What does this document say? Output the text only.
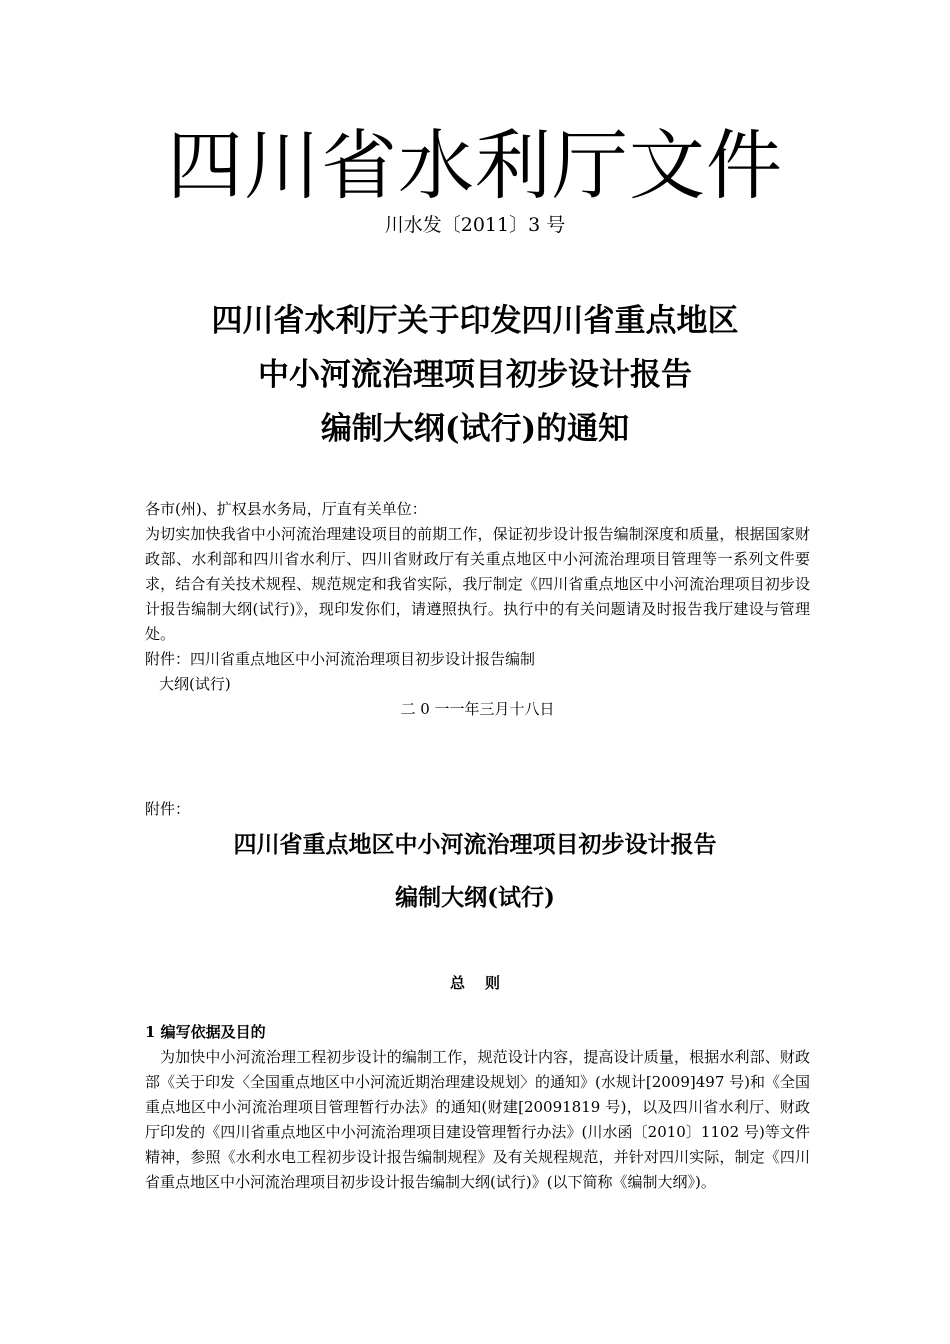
四川省水利厅文件
川水发〔2011〕3 号
四川省水利厅关于印发四川省重点地区
中小河流治理项目初步设计报告
编制大纲(试行)的通知
各市(州)、扩权县水务局，厅直有关单位：
为切实加快我省中小河流治理建设项目的前期工作，保证初步设计报告编制深度和质量，根据国家财政部、水利部和四川省水利厅、四川省财政厅有关重点地区中小河流治理项目管理等一系列文件要求，结合有关技术规程、规范规定和我省实际，我厅制定《四川省重点地区中小河流治理项目初步设计报告编制大纲(试行)》，现印发你们，请遵照执行。执行中的有关问题请及时报告我厅建设与管理处。
附件：四川省重点地区中小河流治理项目初步设计报告编制
大纲(试行)
二 0 一一年三月十八日
附件：
四川省重点地区中小河流治理项目初步设计报告
编制大纲(试行)
总则
1 编写依据及目的
为加快中小河流治理工程初步设计的编制工作，规范设计内容，提高设计质量，根据水利部、财政部《关于印发〈全国重点地区中小河流近期治理建设规划〉的通知》(水规计[2009]497 号)和《全国重点地区中小河流治理项目管理暂行办法》的通知(财建[20091819 号)，以及四川省水利厅、财政厅印发的《四川省重点地区中小河流治理项目建设管理暂行办法》(川水函〔2010〕1102 号)等文件精神，参照《水利水电工程初步设计报告编制规程》及有关规程规范，并针对四川实际，制定《四川省重点地区中小河流治理项目初步设计报告编制大纲(试行)》(以下简称《编制大纲》)。
